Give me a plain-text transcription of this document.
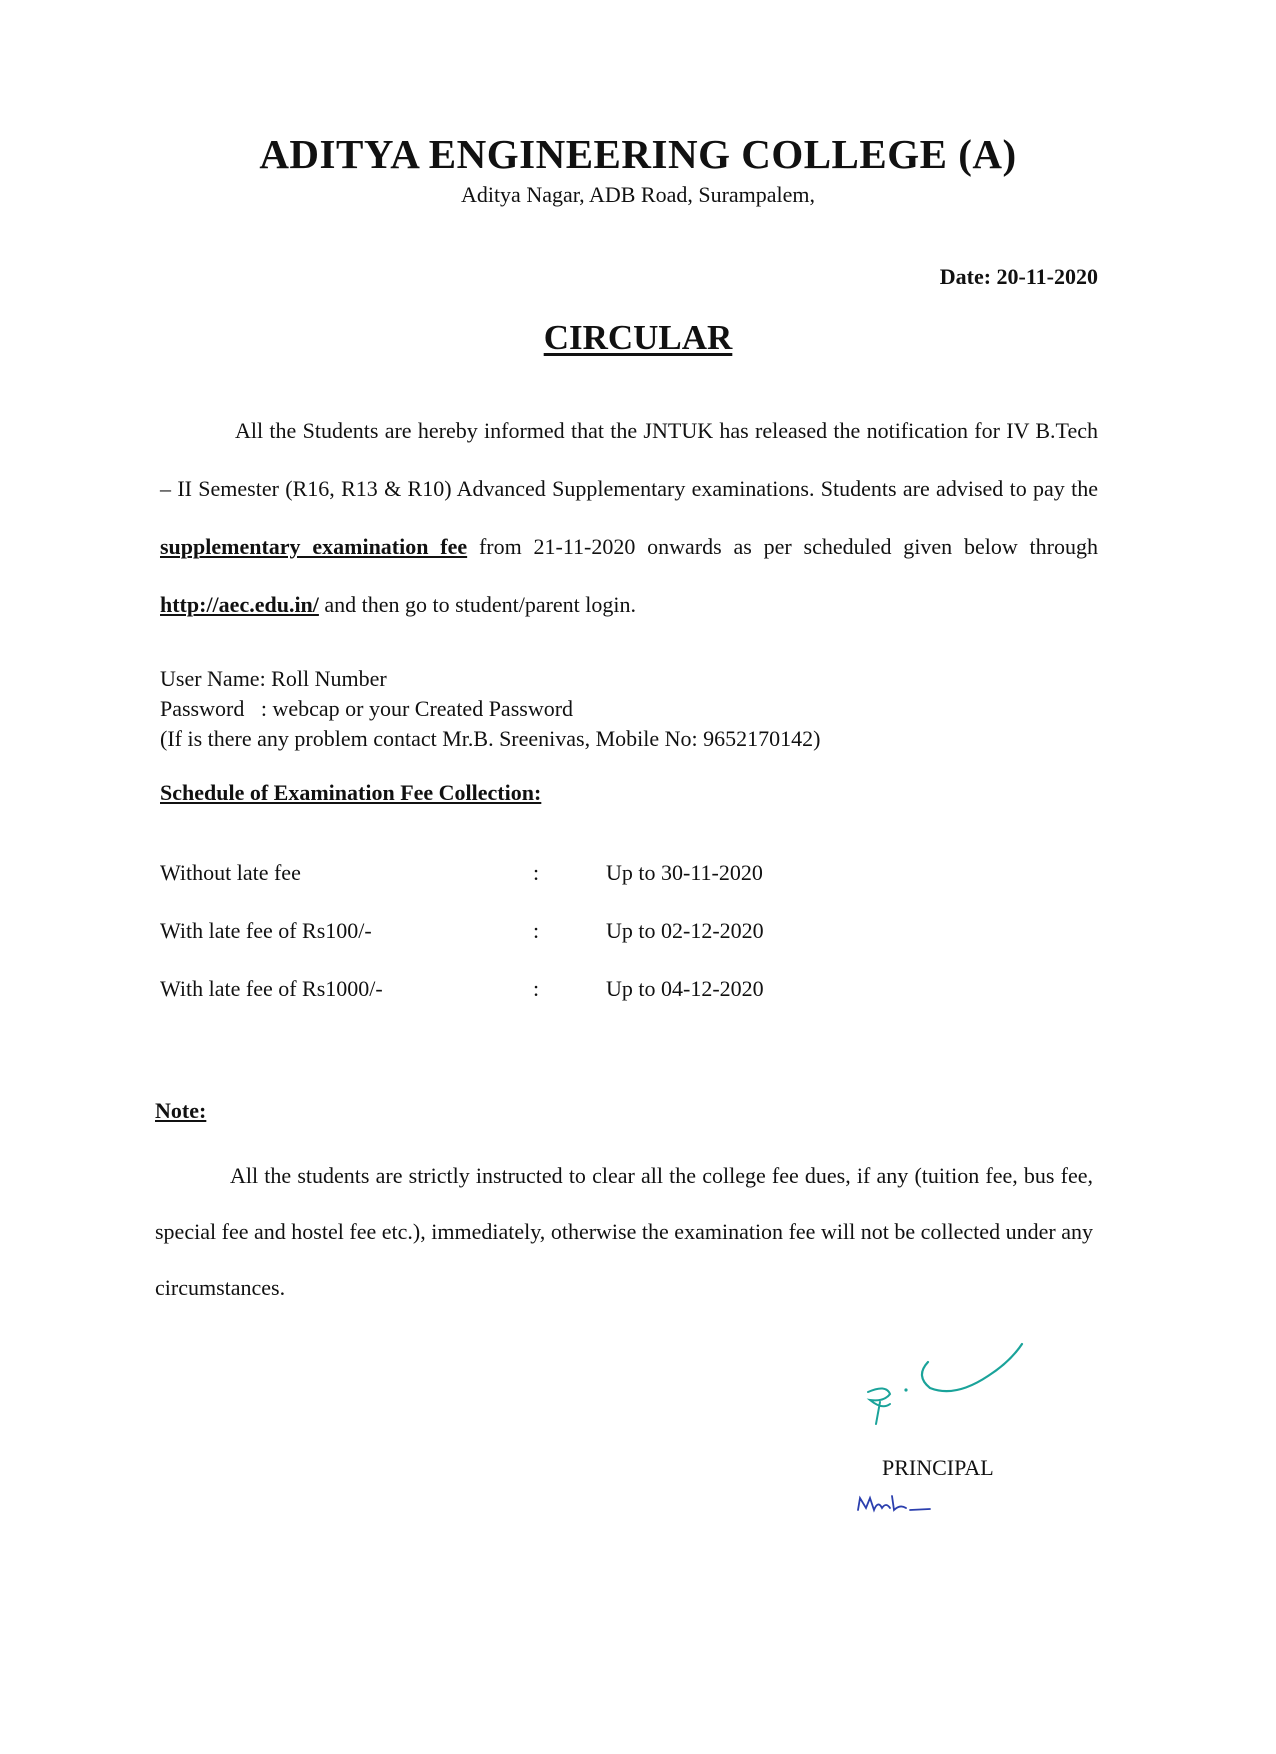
ADITYA ENGINEERING COLLEGE (A)
Aditya Nagar, ADB Road, Surampalem,
Date: 20-11-2020
CIRCULAR

All the Students are hereby informed that the JNTUK has released the notification for IV B.Tech – II Semester (R16, R13 & R10) Advanced Supplementary examinations. Students are advised to pay the supplementary examination fee from 21-11-2020 onwards as per scheduled given below through http://aec.edu.in/ and then go to student/parent login.

User Name: Roll Number
Password   : webcap or your Created Password
(If is there any problem contact Mr.B. Sreenivas, Mobile No: 9652170142)
Schedule of Examination Fee Collection:
Without late fee	:	Up to 30-11-2020
With late fee of Rs100/-	:	Up to 02-12-2020
With late fee of Rs1000/-	:	Up to 04-12-2020
Note:

All the students are strictly instructed to clear all the college fee dues, if any (tuition fee, bus fee, special fee and hostel fee etc.), immediately, otherwise the examination fee will not be collected under any circumstances.

PRINCIPAL
